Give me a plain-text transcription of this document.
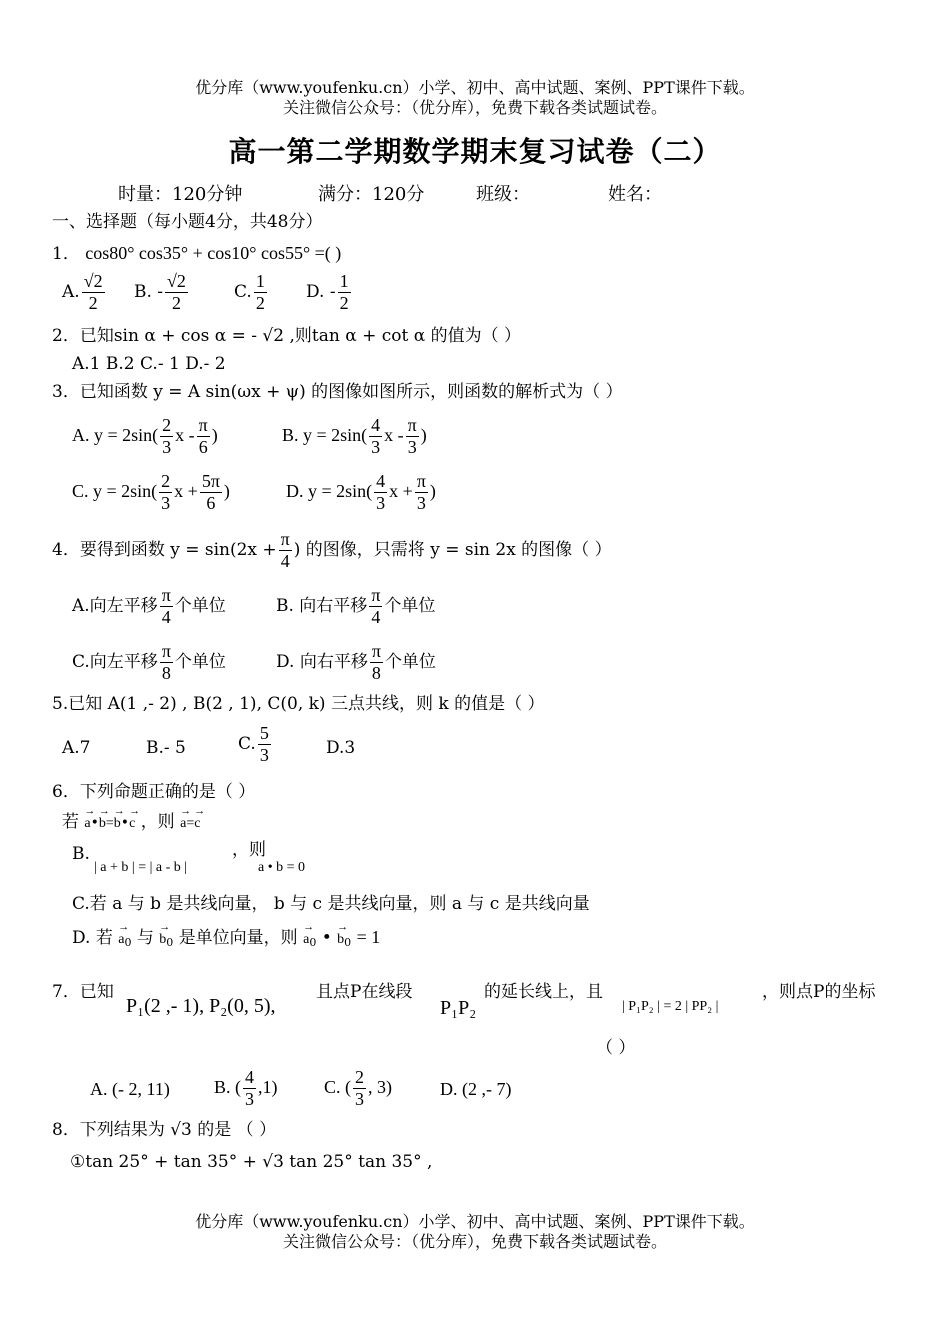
优分库（www.youfenku.cn）小学、初中、高中试题、案例、PPT课件下载。
关注微信公众号：（优分库），免费下载各类试题试卷。
高一第二学期数学期末复习试卷（二）
时量：120分钟	满分：120分	班级：	姓名：
一、选择题（每小题4分，共48分）
1． cos80° cos35° + cos10° cos55° =( )
A. $\frac{√2}{2} B$. - $\frac{√2}{2}$	C. $\frac{1}{2} D$. - $\frac{1}{2}$
2．已知sin α + cos α = - √2 ,则tan α + cot α 的值为（ ）
A.1 B.2 C.- 1 D.- 2
3．已知函数 y = A sin(ωx + ψ) 的图像如图所示，则函数的解析式为（ ）
A. $y = 2\sin( \frac{2}{3}$ x - $\frac{\pi}{6}$ )	B. $y = 2\sin( \frac{4}{3}$ x - $\frac{\pi}{3}$ )
C. $y = 2\sin( \frac{2}{3}$ $x + \frac{5\pi}{6}$ )	D. $y = 2\sin( \frac{4}{3}$ $x + \frac{\pi}{3}$ )
4．要得到函数 $y = \sin(2x + \frac{\pi}{4}$ ) 的图像，只需将 y = sin 2x 的图像（ ）
A.向左平移 $\frac{\pi}{4}$ 个单位	B. 向右平移 $\frac{\pi}{4}$ 个单位
C.向左平移 $\frac{\pi}{8}$ 个单位	D. 向右平移 $\frac{\pi}{8}$ 个单位
5.已知 A(1 ,- 2) , B(2 , 1), C(0, k) 三点共线，则 k 的值是（ ）
A.7	B.- 5	C. $\frac{5}{3}$	D.3
6．下列命题正确的是（ ）
若 → a•→ b=→ b•→ c ，则 → a=→ c
B.
| a + b | = | a - b |
，则
a • b = 0
C.若 a 与 b 是共线向量， b 与 c 是共线向量，则 a 与 c 是共线向量
D. 若 → $a_0$ 与 → $b_0$ 是单位向量，则 → $a_0$ • → $b_0 = 1$
7．已知
P₁(2 ,- 1), P₂(0, 5),
且点P在线段
P₁P₂
的延长线上，且
| P₁P₂ | = 2 | PP₂ |
，则点P的坐标
（ ）
A. (- 2, 11) B. ( $\frac{4}{3} ,1$)	C. ( $\frac{2}{3}$ , 3)	D. (2 ,- 7)
8．下列结果为 √3 的是 （ ）
①tan 25° + tan 35° + √3 tan 25° tan 35° ,
优分库（www.youfenku.cn）小学、初中、高中试题、案例、PPT课件下载。
关注微信公众号：（优分库），免费下载各类试题试卷。
